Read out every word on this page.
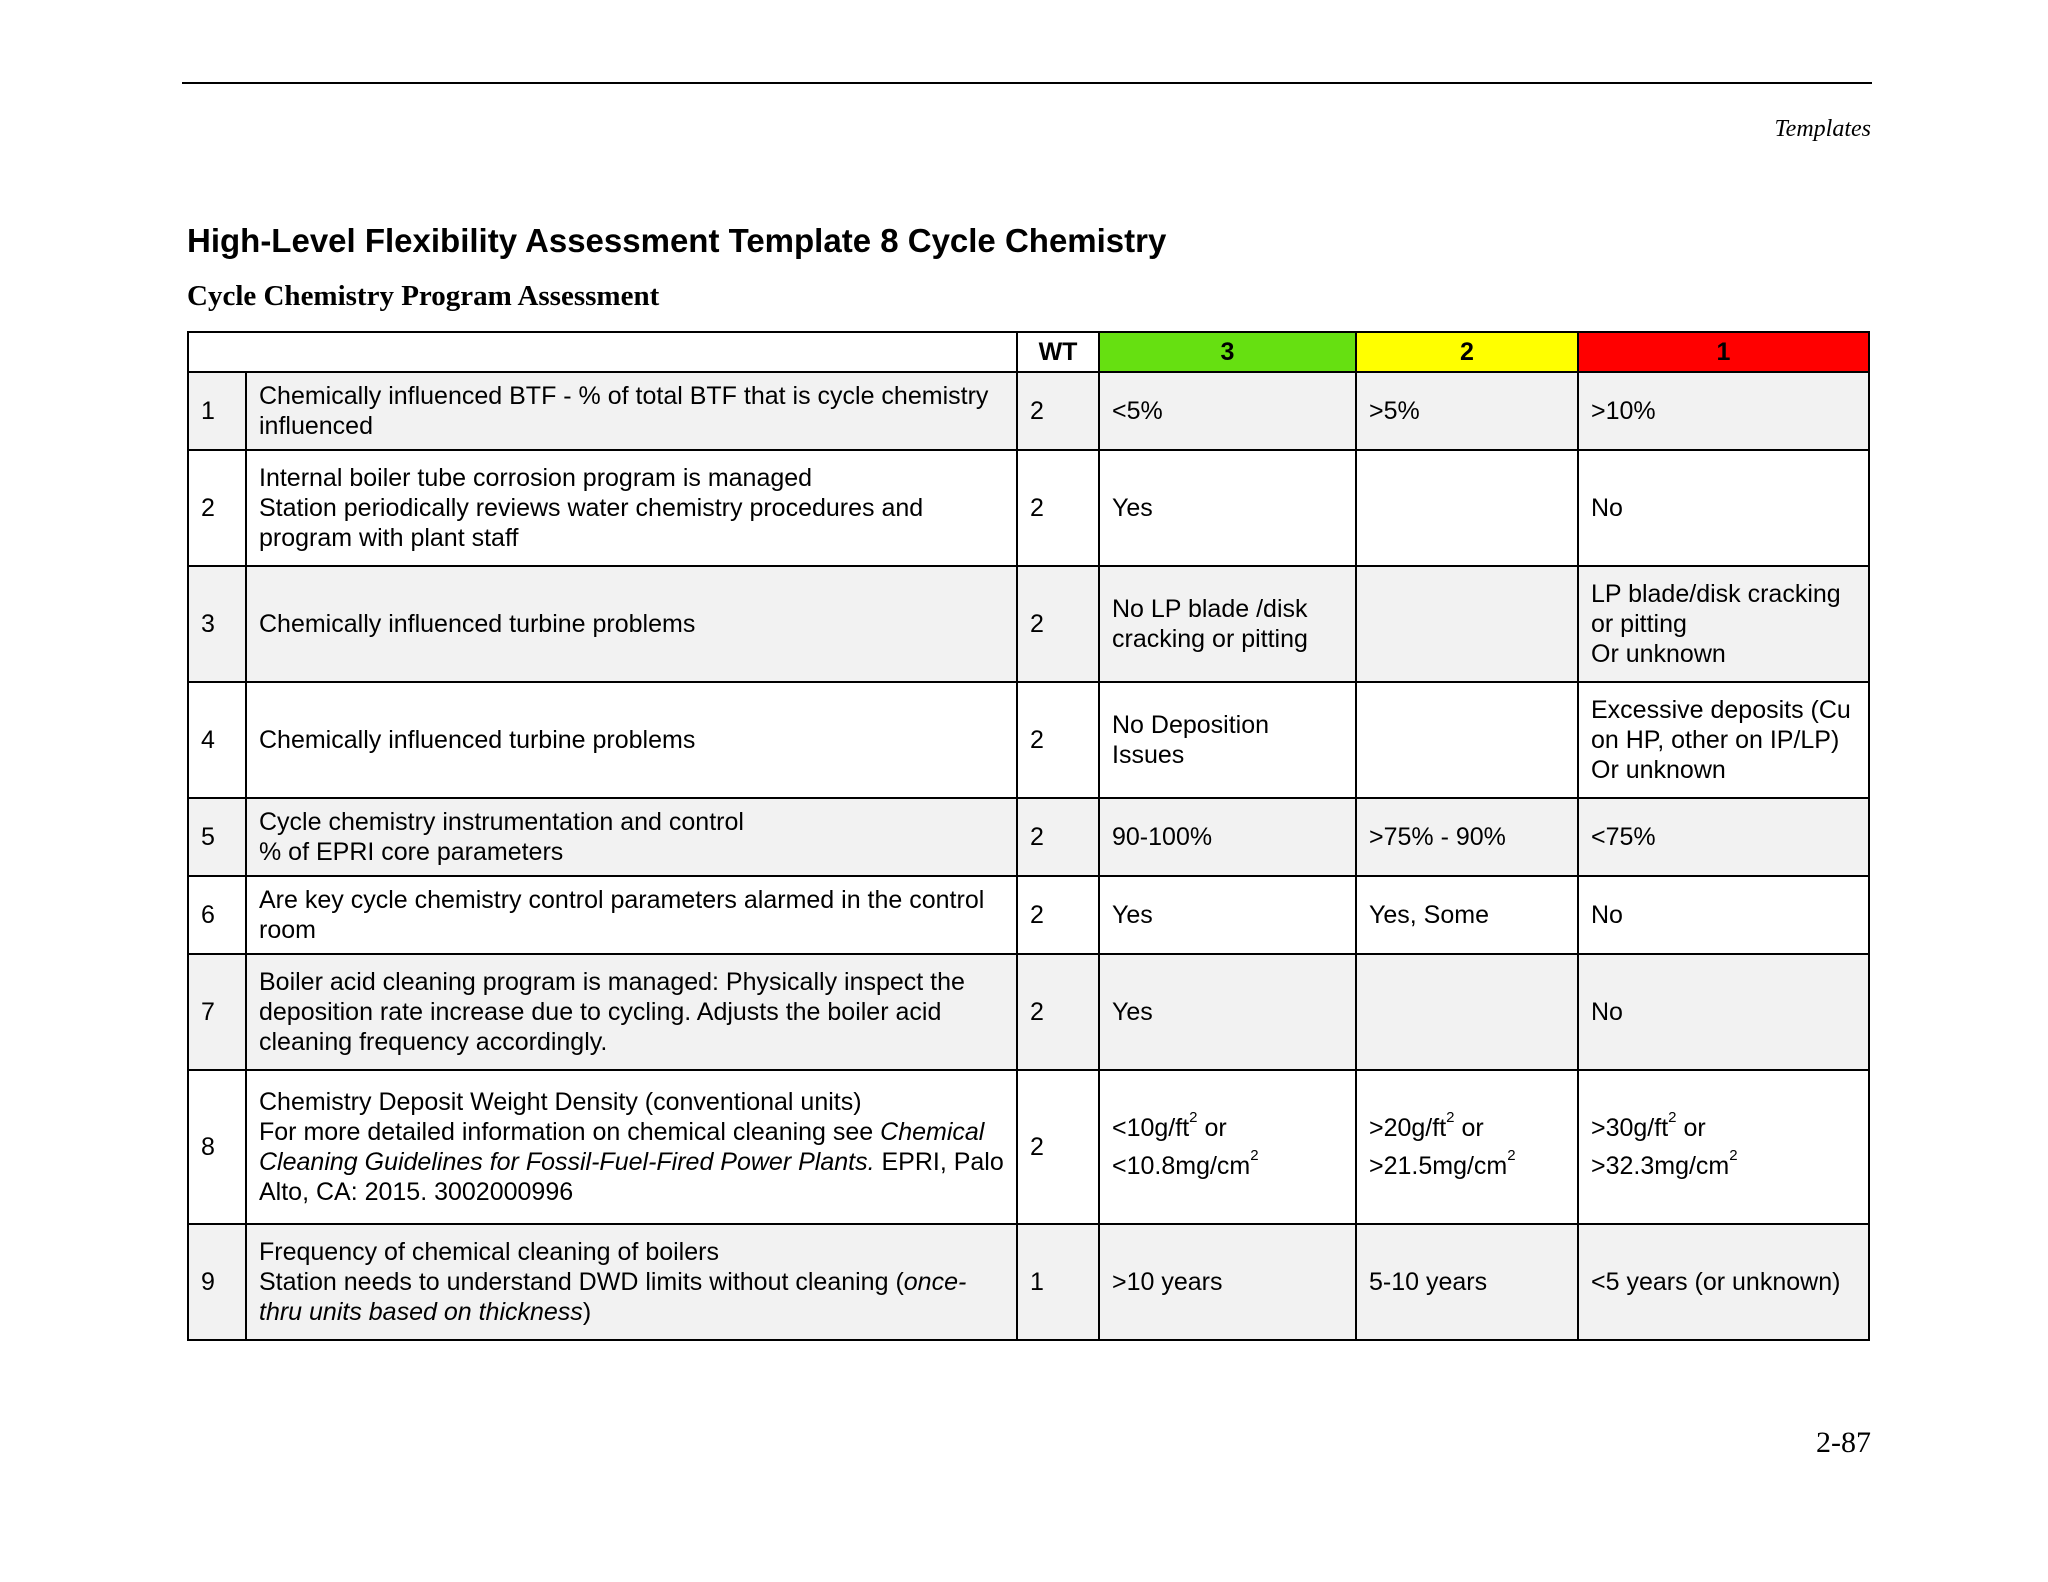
Templates
High-Level Flexibility Assessment Template 8 Cycle Chemistry
Cycle Chemistry Program Assessment
		WT	3	2	1
1	Chemically influenced BTF - % of total BTF that is cycle chemistry influenced	2	<5%	>5%	>10%
2	Internal boiler tube corrosion program is managed
Station periodically reviews water chemistry procedures and program with plant staff	2	Yes		No
3	Chemically influenced turbine problems	2	No LP blade /disk cracking or pitting		LP blade/disk cracking or pitting
Or unknown

4	Chemically influenced turbine problems	2	No Deposition Issues		Excessive deposits (Cu on HP, other on IP/LP)
Or unknown

5	Cycle chemistry instrumentation and control
% of EPRI core parameters	2	90-100%	>75% - 90%	<75%
6	Are key cycle chemistry control parameters alarmed in the control room	2	Yes	Yes, Some	No
7	Boiler acid cleaning program is managed: Physically inspect the deposition rate increase due to cycling. Adjusts the boiler acid cleaning frequency accordingly.	2	Yes		No
8	Chemistry Deposit Weight Density (conventional units)
For more detailed information on chemical cleaning see Chemical Cleaning Guidelines for Fossil-Fuel-Fired Power Plants. EPRI, Palo Alto, CA: 2015. 3002000996	2	$<10g/ft^2$ or
$<10.8mg/cm^2$	$>20g/ft^2$ or
$>21.5mg/cm^2$	$>30g/ft^2$ or
$>32.3mg/cm^2$

9	Frequency of chemical cleaning of boilers
Station needs to understand DWD limits without cleaning (once-thru units based on thickness)	1	>10 years	5-10 years	<5 years (or unknown)
2-87
